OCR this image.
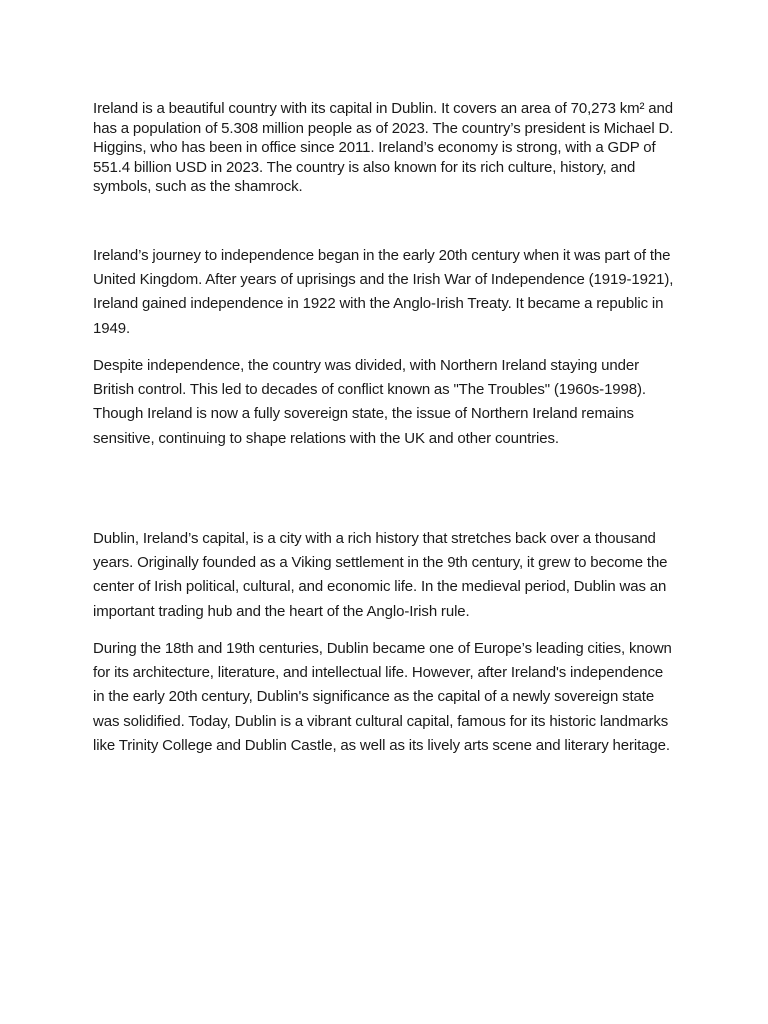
Ireland is a beautiful country with its capital in Dublin. It covers an area of 70,273 km² and has a population of 5.308 million people as of 2023. The country’s president is Michael D. Higgins, who has been in office since 2011. Ireland’s economy is strong, with a GDP of 551.4 billion USD in 2023. The country is also known for its rich culture, history, and symbols, such as the shamrock.

Ireland’s journey to independence began in the early 20th century when it was part of the United Kingdom. After years of uprisings and the Irish War of Independence (1919-1921), Ireland gained independence in 1922 with the Anglo-Irish Treaty. It became a republic in 1949.

Despite independence, the country was divided, with Northern Ireland staying under British control. This led to decades of conflict known as "The Troubles" (1960s-1998). Though Ireland is now a fully sovereign state, the issue of Northern Ireland remains sensitive, continuing to shape relations with the UK and other countries.

Dublin, Ireland’s capital, is a city with a rich history that stretches back over a thousand years. Originally founded as a Viking settlement in the 9th century, it grew to become the center of Irish political, cultural, and economic life. In the medieval period, Dublin was an important trading hub and the heart of the Anglo-Irish rule.

During the 18th and 19th centuries, Dublin became one of Europe’s leading cities, known for its architecture, literature, and intellectual life. However, after Ireland's independence in the early 20th century, Dublin's significance as the capital of a newly sovereign state was solidified. Today, Dublin is a vibrant cultural capital, famous for its historic landmarks like Trinity College and Dublin Castle, as well as its lively arts scene and literary heritage.
